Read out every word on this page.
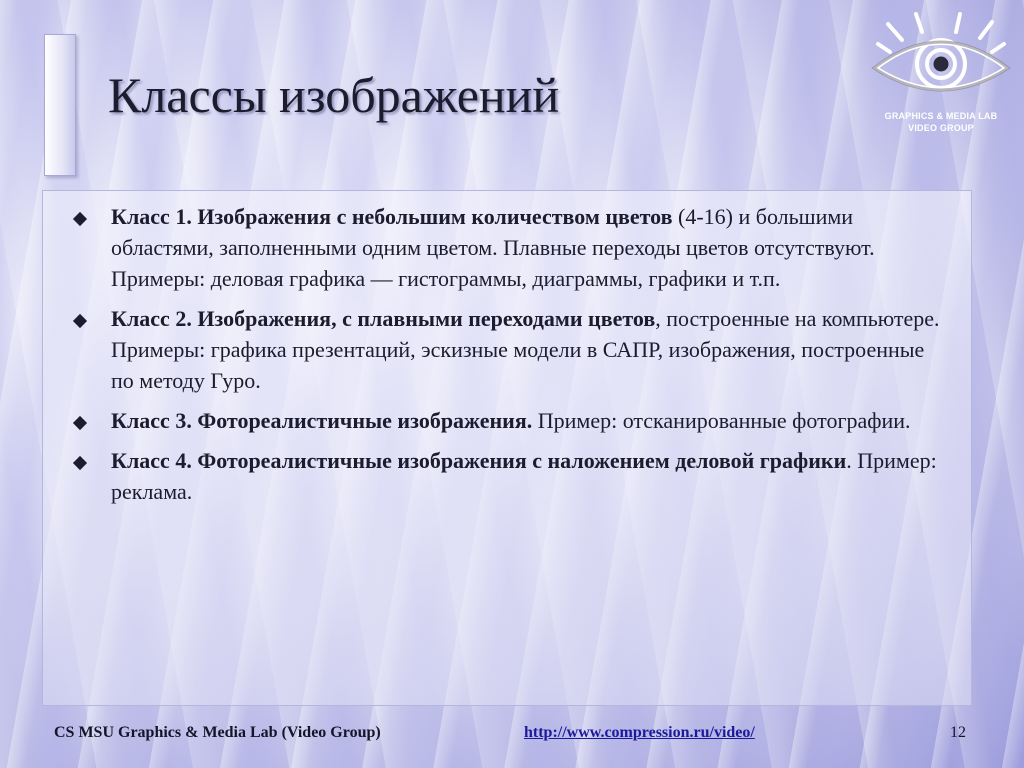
Классы изображений	GRAPHICS & MEDIA LAB
VIDEO GROUP
Класс 1. Изображения с небольшим количеством цветов (4-16) и большими областями, заполненными одним цветом. Плавные переходы цветов отсутствуют. Примеры: деловая графика — гистограммы, диаграммы, графики и т.п.
Класс 2. Изображения, с плавными переходами цветов, построенные на компьютере. Примеры: графика презентаций, эскизные модели в САПР, изображения, построенные по методу Гуро.
Класс 3. Фотореалистичные изображения. Пример: отсканированные фотографии.
Класс 4. Фотореалистичные изображения с наложением деловой графики. Пример: реклама.
CS MSU Graphics & Media Lab (Video Group)	http://www.compression.ru/video/	12
